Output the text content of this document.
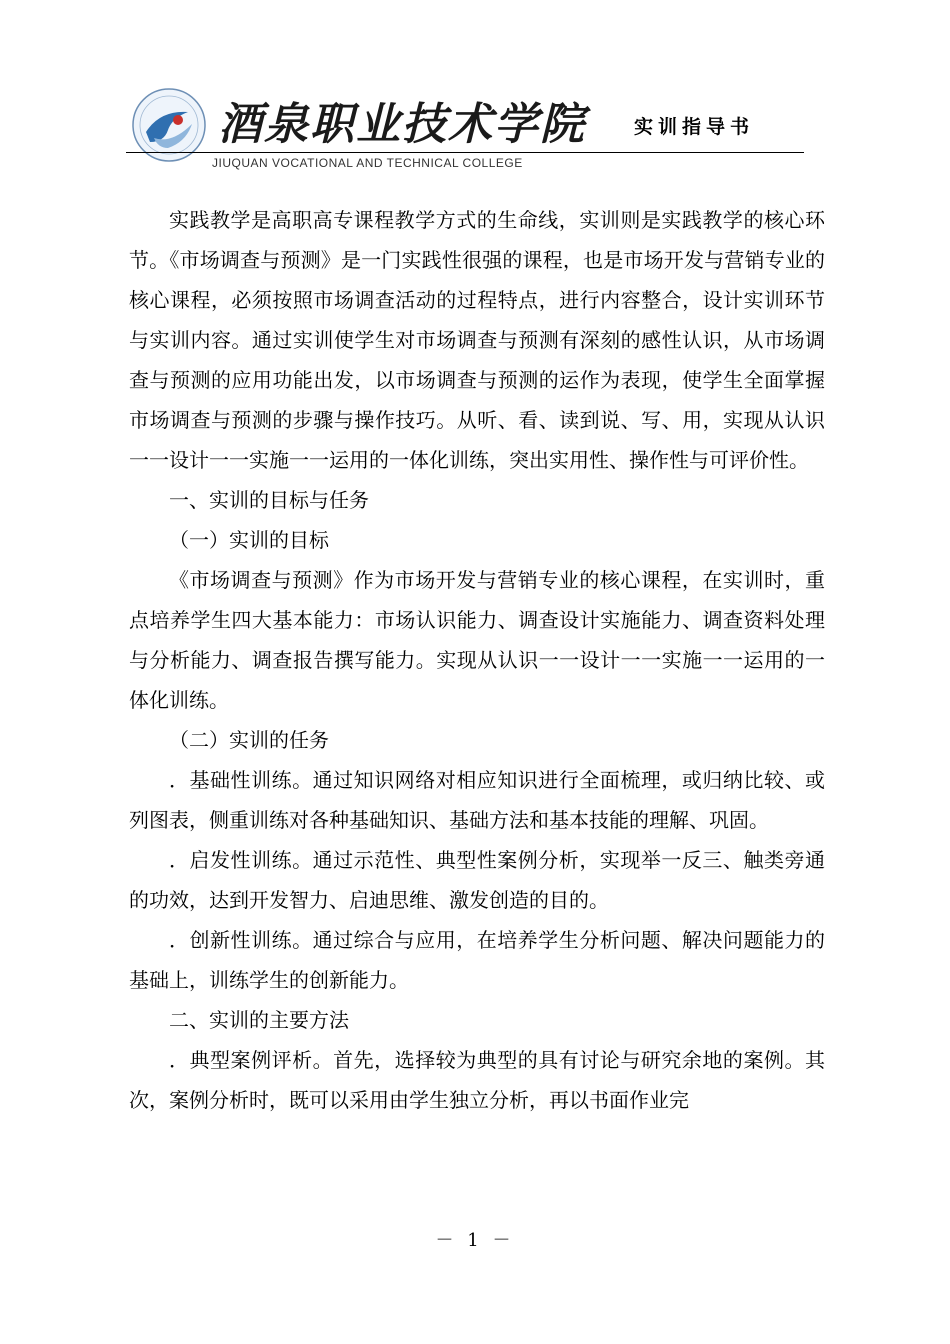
酒泉职业技术学院
JIUQUAN VOCATIONAL AND TECHNICAL COLLEGE
实训指导书

实践教学是高职高专课程教学方式的生命线，实训则是实践教学的核心环节。《市场调查与预测》是一门实践性很强的课程，也是市场开发与营销专业的核心课程，必须按照市场调查活动的过程特点，进行内容整合，设计实训环节与实训内容。通过实训使学生对市场调查与预测有深刻的感性认识，从市场调查与预测的应用功能出发，以市场调查与预测的运作为表现，使学生全面掌握市场调查与预测的步骤与操作技巧。从听、看、读到说、写、用，实现从认识一一设计一一实施一一运用的一体化训练，突出实用性、操作性与可评价性。

一、实训的目标与任务

（一）实训的目标

《市场调查与预测》作为市场开发与营销专业的核心课程，在实训时，重点培养学生四大基本能力：市场认识能力、调查设计实施能力、调查资料处理与分析能力、调查报告撰写能力。实现从认识一一设计一一实施一一运用的一体化训练。

（二）实训的任务

．基础性训练。通过知识网络对相应知识进行全面梳理，或归纳比较、或列图表，侧重训练对各种基础知识、基础方法和基本技能的理解、巩固。

．启发性训练。通过示范性、典型性案例分析，实现举一反三、触类旁通的功效，达到开发智力、启迪思维、激发创造的目的。

．创新性训练。通过综合与应用，在培养学生分析问题、解决问题能力的基础上，训练学生的创新能力。

二、实训的主要方法

．典型案例评析。首先，选择较为典型的具有讨论与研究余地的案例。其次，案例分析时，既可以采用由学生独立分析，再以书面作业完

－ 1 －
